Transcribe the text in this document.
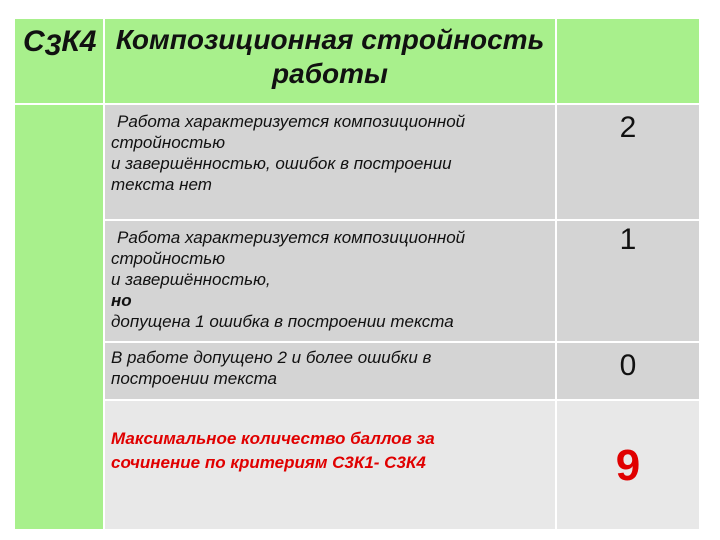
$С_3К4$ Композиционная стройность
работы
Работа характеризуется композиционной
стройностью
и завершённостью, ошибок в построении
текста нет
2
Работа характеризуется композиционной
стройностью
и завершённостью,
но
допущена 1 ошибка в построении текста
1
В работе допущено 2 и более ошибки в
построении текста	0
Максимальное количество баллов за
сочинение по критериям С3К1- С3К4	9
